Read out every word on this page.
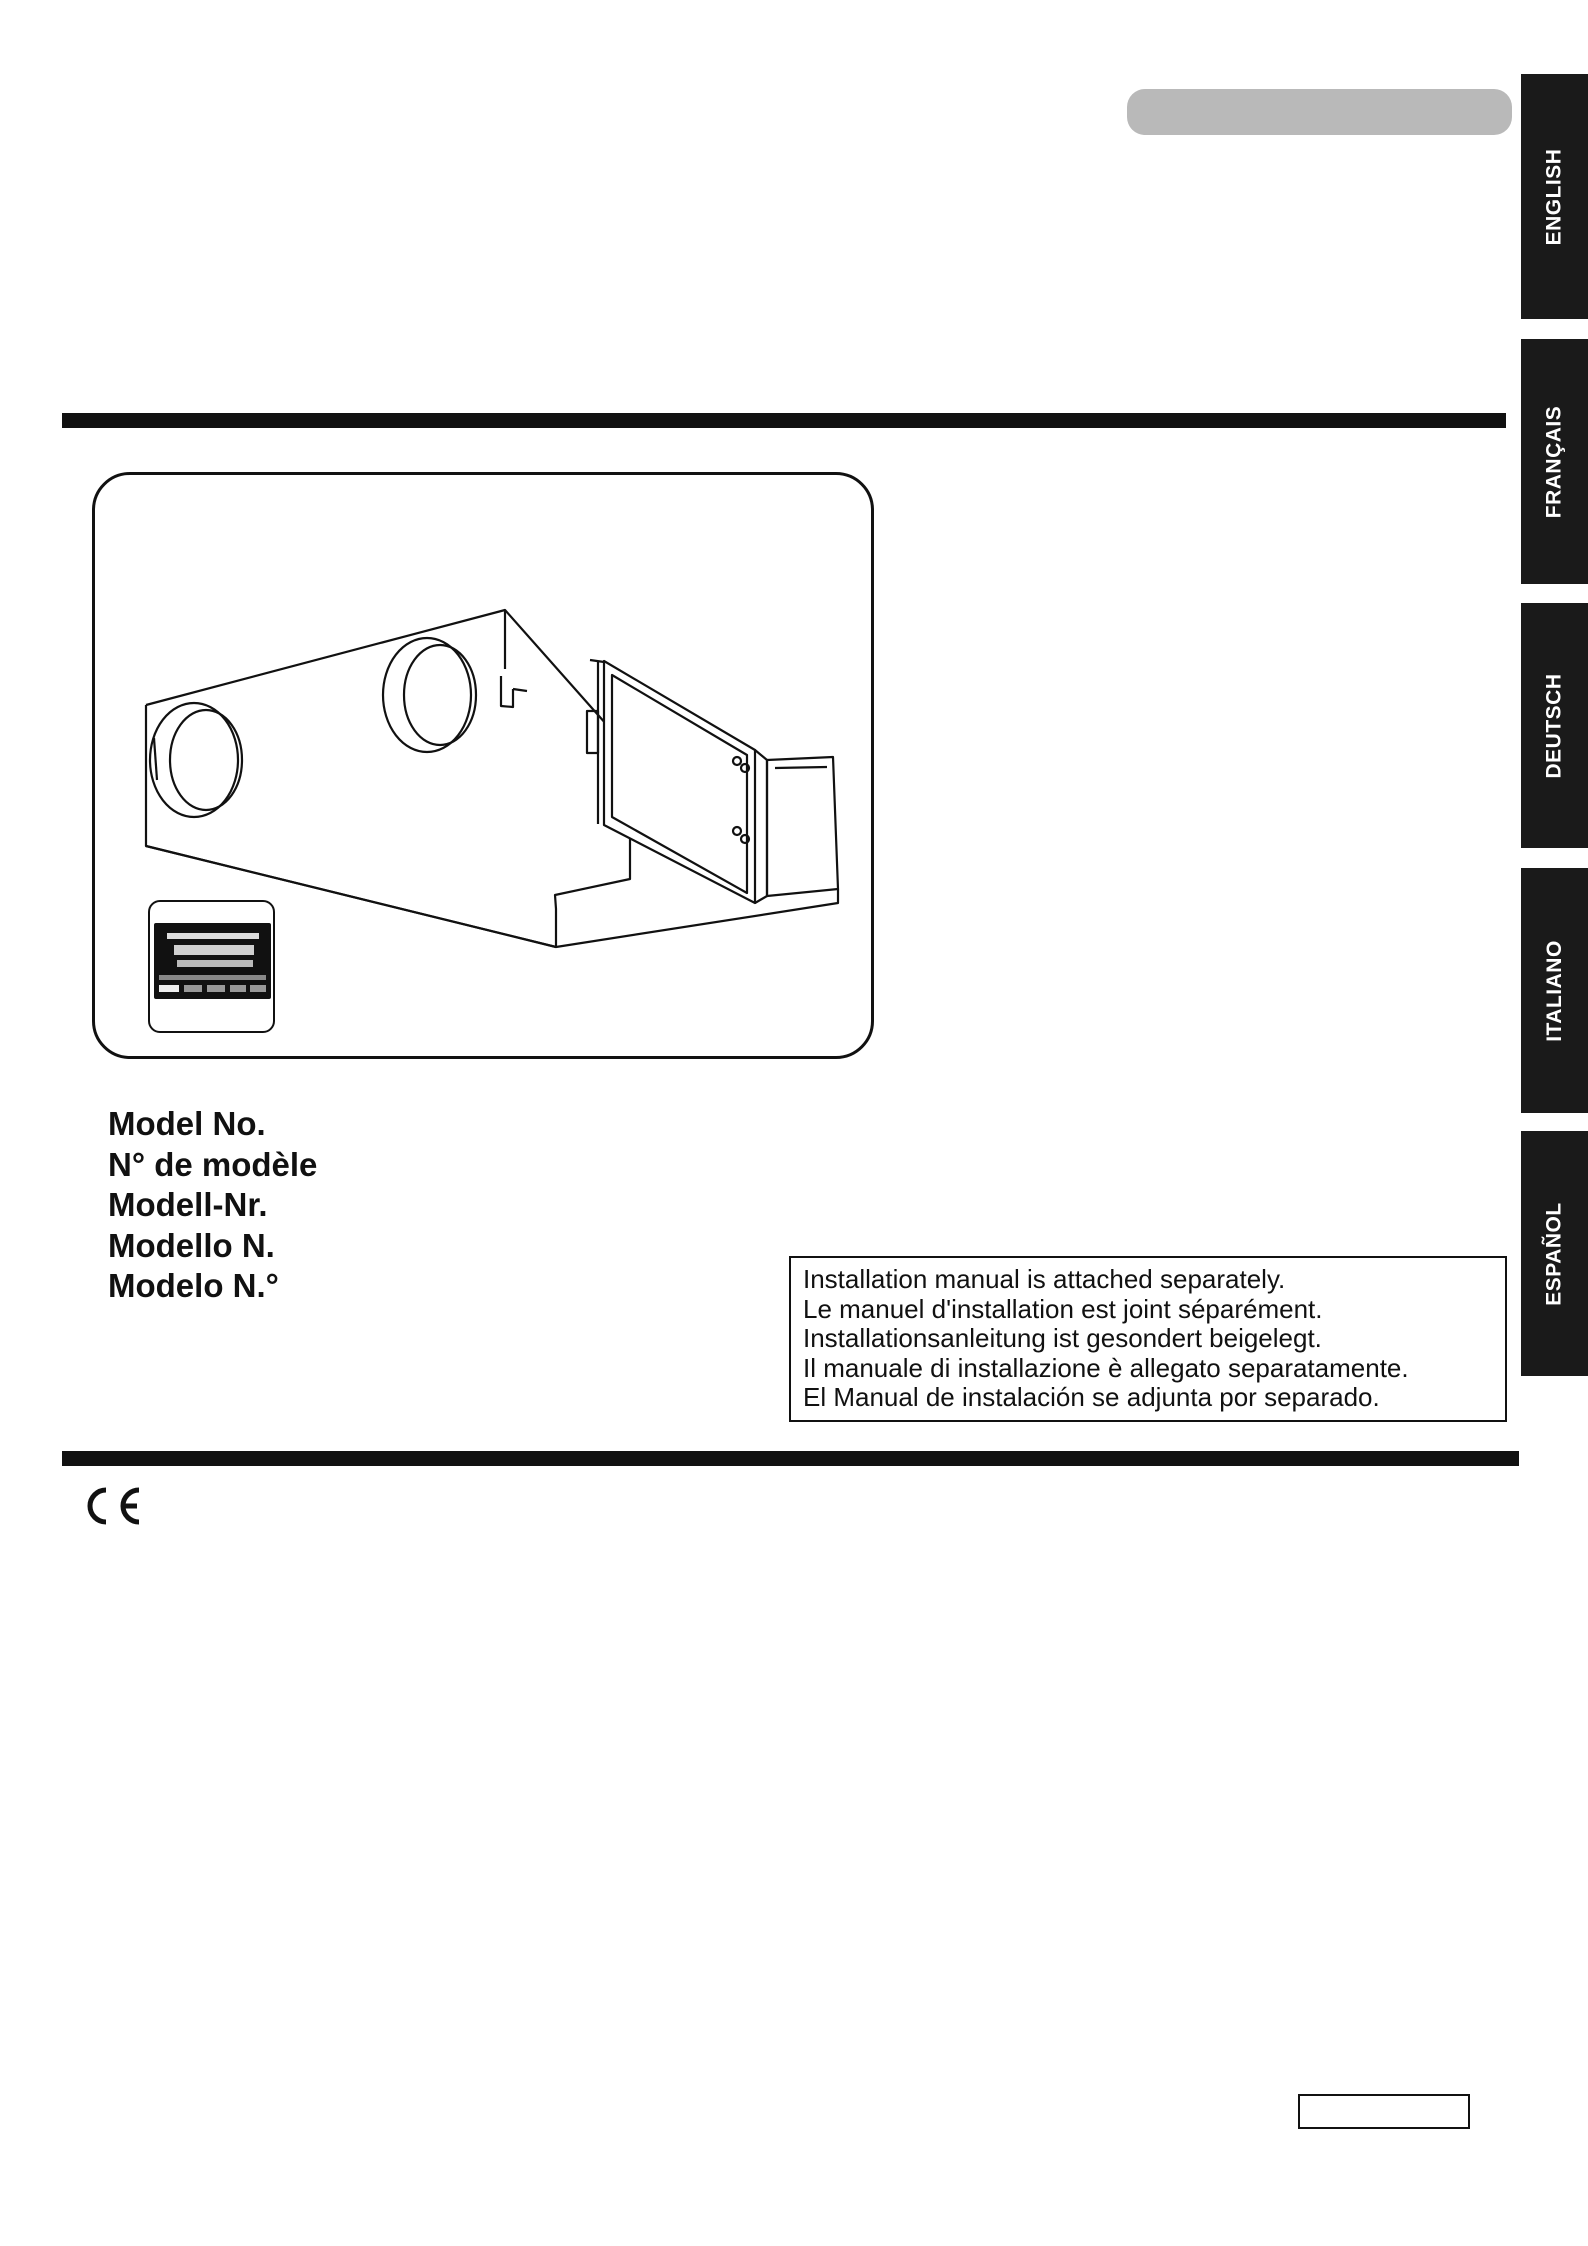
ENGLISH
FRANÇAIS
DEUTSCH
ITALIANO
ESPAÑOL
Model No.
N° de modèle
Modell-Nr.
Modello N.
Modelo N.°	Installation manual is attached separately.
Le manuel d'installation est joint séparément.
Installationsanleitung ist gesondert beigelegt.
Il manuale di installazione è allegato separatamente.
El Manual de instalación se adjunta por separado.
